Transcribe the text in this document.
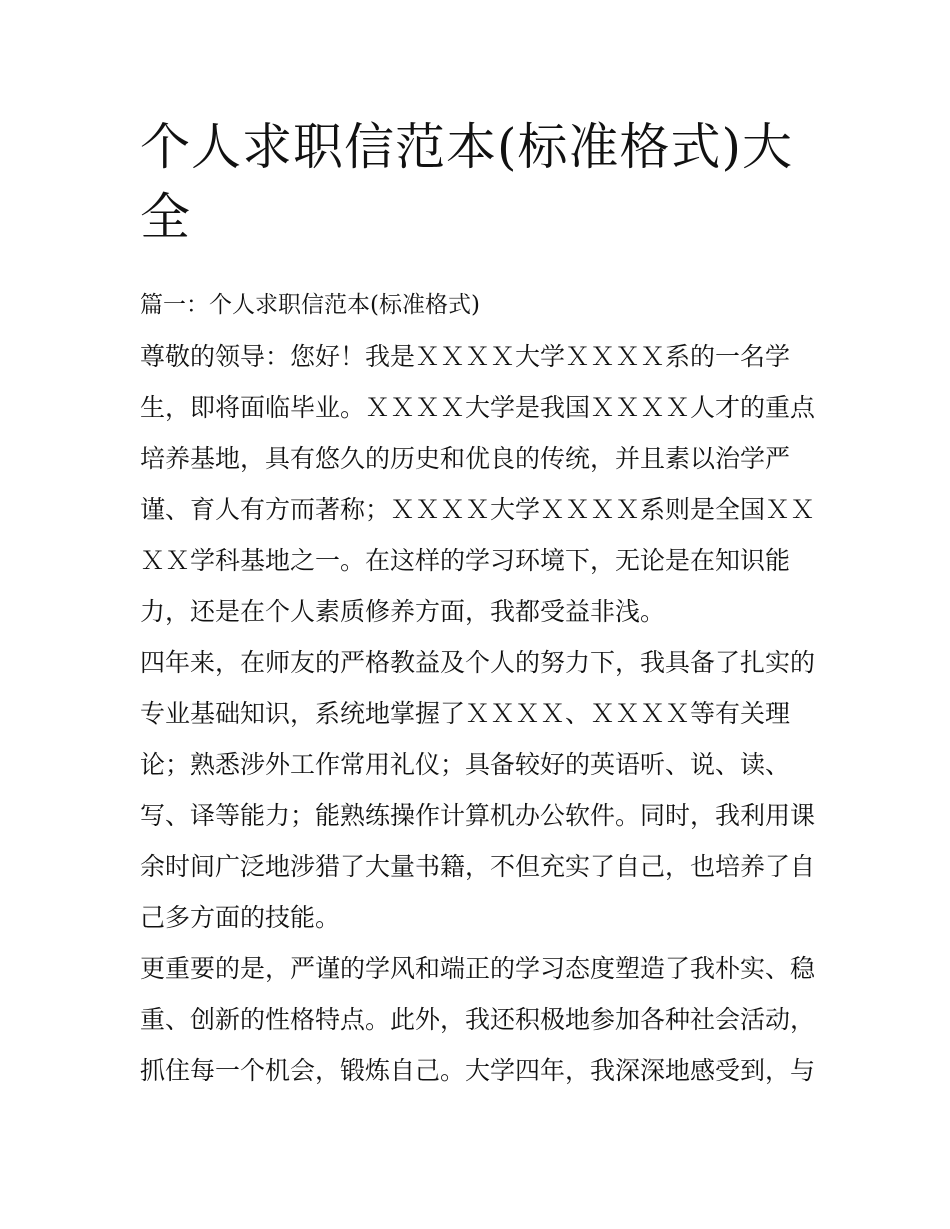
个人求职信范本(标准格式)大
全

篇一：个人求职信范本(标准格式)

尊敬的领导：您好！我是ＸＸＸＸ大学ＸＸＸＸ系的一名学

生，即将面临毕业。ＸＸＸＸ大学是我国ＸＸＸＸ人才的重点

培养基地，具有悠久的历史和优良的传统，并且素以治学严

谨、育人有方而著称；ＸＸＸＸ大学ＸＸＸＸ系则是全国ＸＸ

ＸＸ学科基地之一。在这样的学习环境下，无论是在知识能

力，还是在个人素质修养方面，我都受益非浅。

四年来，在师友的严格教益及个人的努力下，我具备了扎实的

专业基础知识，系统地掌握了ＸＸＸＸ、ＸＸＸＸ等有关理

论；熟悉涉外工作常用礼仪；具备较好的英语听、说、读、

写、译等能力；能熟练操作计算机办公软件。同时，我利用课

余时间广泛地涉猎了大量书籍，不但充实了自己，也培养了自

己多方面的技能。

更重要的是，严谨的学风和端正的学习态度塑造了我朴实、稳

重、创新的性格特点。此外，我还积极地参加各种社会活动，

抓住每一个机会，锻炼自己。大学四年，我深深地感受到，与
